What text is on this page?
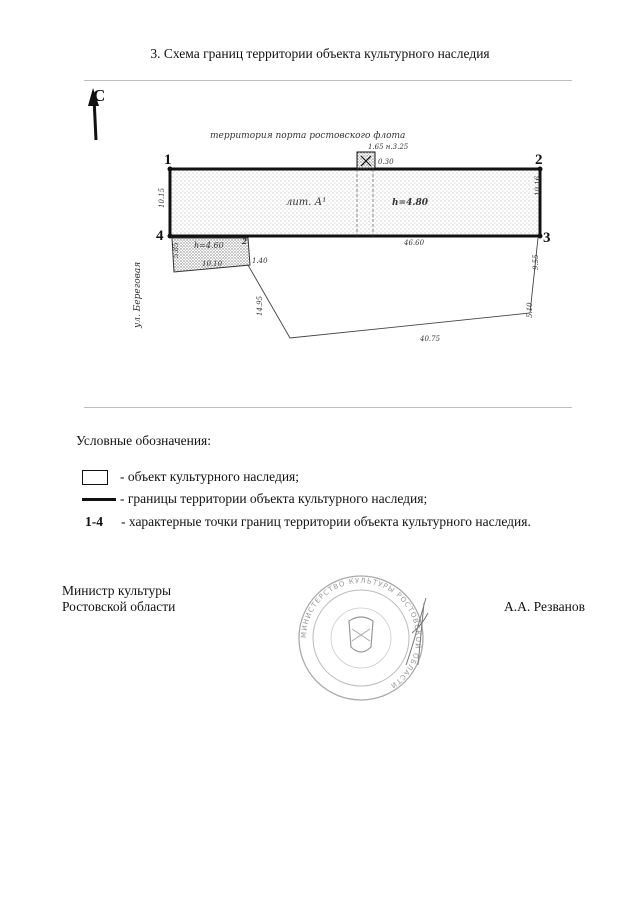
3. Схема границ территории объекта культурного наследия
С
территория порта ростовского флота
ул. Береговая
1.65 н.3.25
0.30
лит. А¹	h=4.80
10.15
10.16
46.60
h=4.60
5.85
10.10	1.40
14.95
9.55
5.10
40.75
1	2
3
4	2
Условные обозначения:
- объект культурного наследия;
- границы территории объекта культурного наследия;
1-4	- характерные точки границ территории объекта культурного наследия.
Министр культуры
Ростовской области
МИНИСТЕРСТВО КУЛЬТУРЫ РОСТОВСКОЙ ОБЛАСТИ
А.А. Резванов
